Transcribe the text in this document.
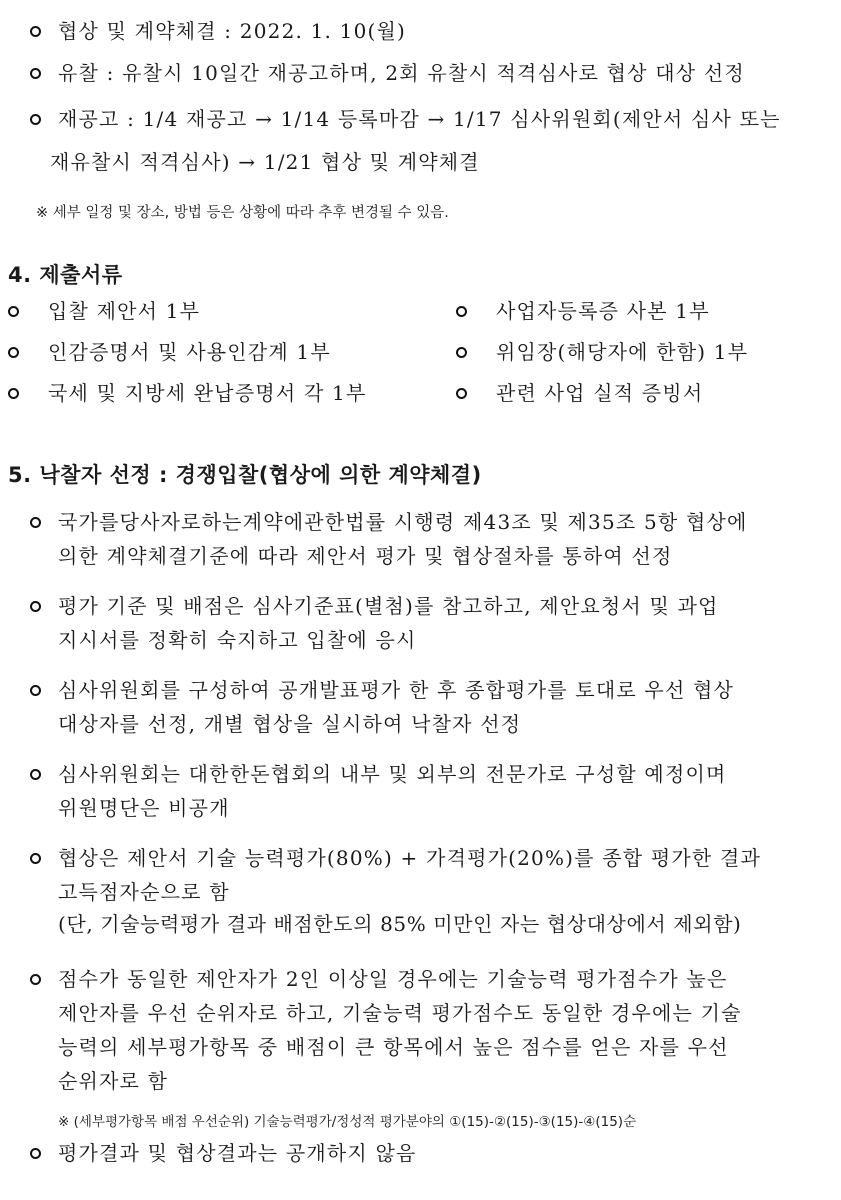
협상 및 계약체결 : 2022. 1. 10(월)
유찰 : 유찰시 10일간 재공고하며, 2회 유찰시 적격심사로 협상 대상 선정
재공고 : 1/4 재공고 → 1/14 등록마감 → 1/17 심사위원회(제안서 심사 또는
재유찰시 적격심사) → 1/21 협상 및 계약체결
※ 세부 일정 및 장소, 방법 등은 상황에 따라 추후 변경될 수 있음.
4. 제출서류
입찰 제안서 1부	사업자등록증 사본 1부
인감증명서 및 사용인감계 1부	위임장(해당자에 한함) 1부
국세 및 지방세 완납증명서 각 1부	관련 사업 실적 증빙서
5. 낙찰자 선정 : 경쟁입찰(협상에 의한 계약체결)
국가를당사자로하는계약에관한법률 시행령 제43조 및 제35조 5항 협상에
의한 계약체결기준에 따라 제안서 평가 및 협상절차를 통하여 선정
평가 기준 및 배점은 심사기준표(별첨)를 참고하고, 제안요청서 및 과업
지시서를 정확히 숙지하고 입찰에 응시
심사위원회를 구성하여 공개발표평가 한 후 종합평가를 토대로 우선 협상
대상자를 선정, 개별 협상을 실시하여 낙찰자 선정
심사위원회는 대한한돈협회의 내부 및 외부의 전문가로 구성할 예정이며
위원명단은 비공개
협상은 제안서 기술 능력평가(80%) + 가격평가(20%)를 종합 평가한 결과
고득점자순으로 함
(단, 기술능력평가 결과 배점한도의 85% 미만인 자는 협상대상에서 제외함)
점수가 동일한 제안자가 2인 이상일 경우에는 기술능력 평가점수가 높은
제안자를 우선 순위자로 하고, 기술능력 평가점수도 동일한 경우에는 기술
능력의 세부평가항목 중 배점이 큰 항목에서 높은 점수를 얻은 자를 우선
순위자로 함
※ (세부평가항목 배점 우선순위) 기술능력평가/정성적 평가분야의 ①(15)-②(15)-③(15)-④(15)순
평가결과 및 협상결과는 공개하지 않음
